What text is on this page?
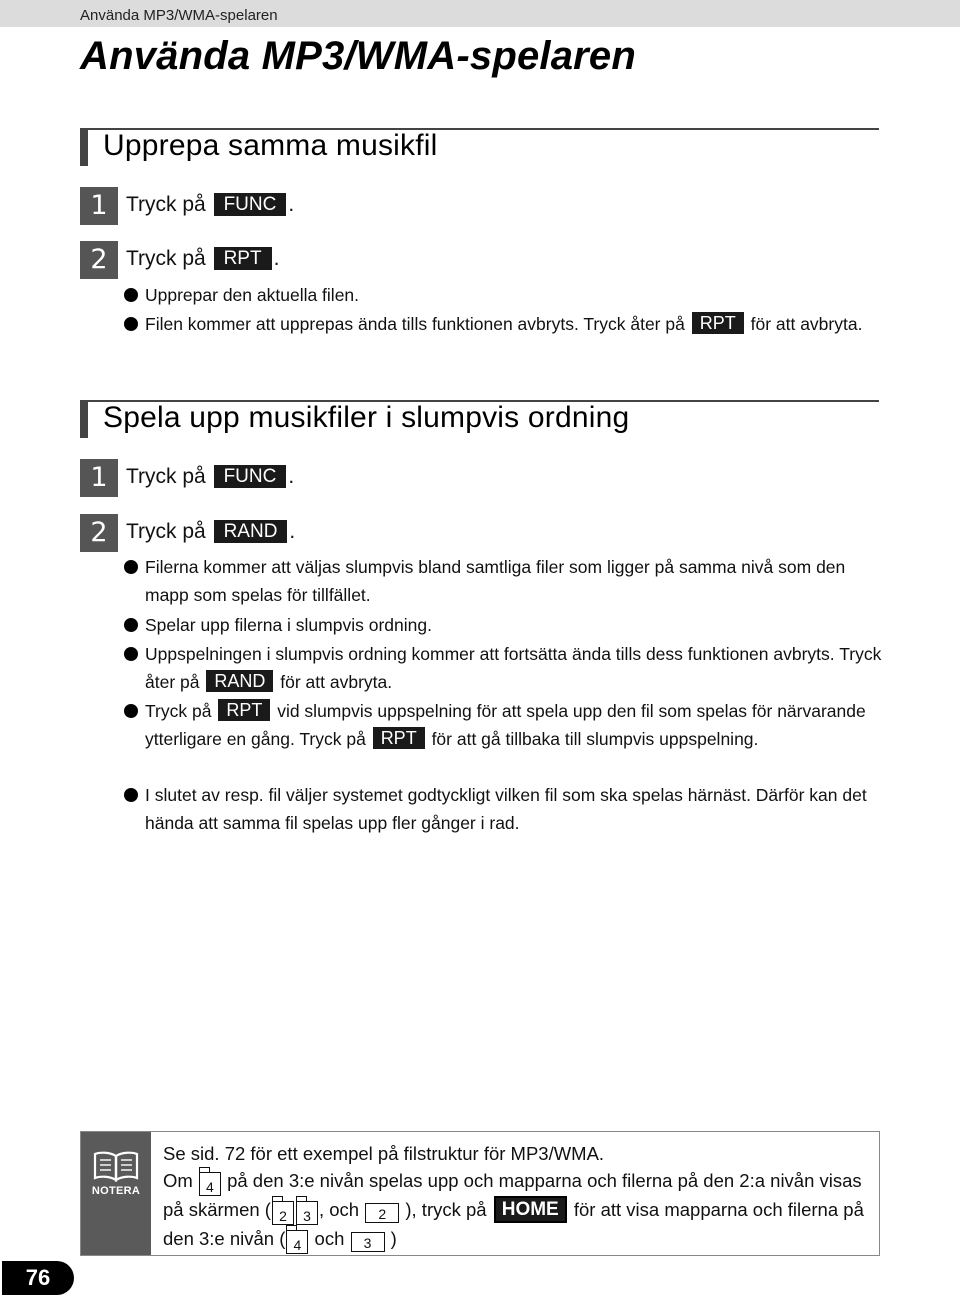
Använda MP3/WMA-spelaren
Använda MP3/WMA-spelaren
Upprepa samma musikfil
1 Tryck på FUNC .
2 Tryck på RPT .
Upprepar den aktuella filen.
Filen kommer att upprepas ända tills funktionen avbryts. Tryck åter på RPT för att avbryta.
Spela upp musikfiler i slumpvis ordning
1 Tryck på FUNC .
2 Tryck på RAND .
Filerna kommer att väljas slumpvis bland samtliga filer som ligger på samma nivå som den mapp som spelas för tillfället.
Spelar upp filerna i slumpvis ordning.
Uppspelningen i slumpvis ordning kommer att fortsätta ända tills dess funktionen avbryts. Tryck åter på RAND för att avbryta.
Tryck på RPT vid slumpvis uppspelning för att spela upp den fil som spelas för närvarande ytterligare en gång. Tryck på RPT för att gå tillbaka till slumpvis uppspelning.
I slutet av resp. fil väljer systemet godtyckligt vilken fil som ska spelas härnäst. Därför kan det hända att samma fil spelas upp fler gånger i rad.
NOTERA
Se sid. 72 för ett exempel på filstruktur för MP3/WMA.
Om 4 på den 3:e nivån spelas upp och mapparna och filerna på den 2:a nivån visas på skärmen ( 2 3 , och 2 ), tryck på HOME för att visa mapparna och filerna på den 3:e nivån ( 4 och 3 )
76
